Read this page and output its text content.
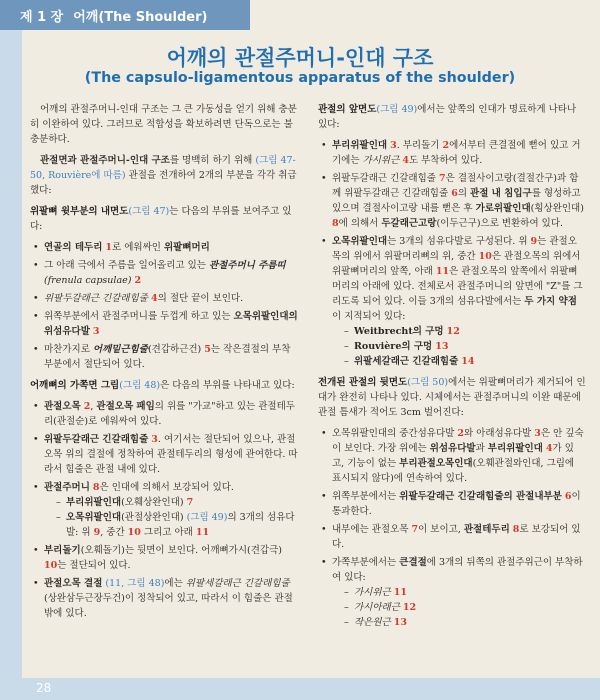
제 1 장 어깨(The Shoulder)
어깨의 관절주머니-인대 구조
(The capsulo-ligamentous apparatus of the shoulder)

어깨의 관절주머니-인대 구조는 그 큰 가동성을 얻기 위해 충분히 이완하여 있다. 그러므로 적합성을 확보하려면 단독으로는 불충분하다.

관절면과 관절주머니-인대 구조를 명백히 하기 위해 (그림 47-50, Rouvière에 따름) 관절을 전개하여 2개의 부분을 각각 취급했다:

위팔뼈 윗부분의 내면도(그림 47)는 다음의 부위를 보여주고 있다:

• 연골의 테두리 1로 에워싸인 위팔뼈머리
• 그 아래 극에서 주름을 일어올리고 있는 관절주머니 주름띠 (frenula capsulae) 2
• 위팔두갈래근 긴갈래힘줄 4의 절단 끝이 보인다.
• 위쪽부분에서 관절주머니를 두껍게 하고 있는 오목위팔인대의 위섬유다발 3
• 마찬가지로 어깨밑근힘줄(견갑하근건) 5는 작은결절의 부착부분에서 절단되어 있다.

어깨뼈의 가쪽면 그림(그림 48)은 다음의 부위를 나타내고 있다:

• 관절오목 2, 관절오목 패임의 위를 "가교"하고 있는 관절테두리(관절순)로 에워싸여 있다.
• 위팔두갈래근 긴갈래힘줄 3. 여기서는 절단되어 있으나, 관절오목 위의 결절에 정착하여 관절테두리의 형성에 관여한다. 따라서 힘줄은 관절 내에 있다.
• 관절주머니 8은 인대에 의해서 보강되어 있다.
– 부리위팔인대(오훼상완인대) 7
– 오목위팔인대(관절상완인대) (그림 49)의 3개의 섬유다발: 위 9, 중간 10 그리고 아래 11
• 부리돌기(오훼돌기)는 뒷면이 보인다. 어깨뼈가시(견갑극) 10는 절단되어 있다.
• 관절오목 결절 (11, 그림 48)에는 위팔세갈래근 긴갈래힘줄(상완삼두근장두건)이 정착되어 있고, 따라서 이 힘줄은 관절 밖에 있다.

관절의 앞면도(그림 49)에서는 앞쪽의 인대가 명료하게 나타나 있다:

• 부리위팔인대 3. 부리돌기 2에서부터 큰결절에 뻗어 있고 거기에는 가시위근 4도 부착하여 있다.
• 위팔두갈래근 긴갈래힘줄 7은 결절사이고랑(결절간구)과 함께 위팔두갈래근 긴갈래힘줄 6의 관절 내 침입구를 형성하고 있으며 결절사이고랑 내를 뻗은 후 가로위팔인대(횡상완인대) 8에 의해서 두갈래근고랑(이두근구)으로 변환하여 있다.
• 오목위팔인대는 3개의 섬유다발로 구성된다. 위 9는 관절오목의 위에서 위팔머리뼈의 위, 중간 10은 관절오목의 위에서 위팔뼈머리의 앞쪽, 아래 11은 관절오목의 앞쪽에서 위팔뼈머리의 아래에 있다. 전체로서 관절주머니의 앞면에 "Z"를 그리도록 되어 있다. 이들 3개의 섬유다발에서는 두 가지 약점이 지적되어 있다:
– Weitbrecht의 구멍 12
– Rouvière의 구멍 13
– 위팔세갈래근 긴갈래힘줄 14

전개된 관절의 뒷면도(그림 50)에서는 위팔뼈머리가 제거되어 인대가 완전히 나타나 있다. 시체에서는 관절주머니의 이완 때문에 관절 틈새가 적어도 3cm 벌어진다:

• 오목위팔인대의 중간섬유다발 2와 아래섬유다발 3은 안 깊숙이 보인다. 가장 위에는 위섬유다발과 부리위팔인대 4가 있고, 기능이 없는 부리관절오목인대(오훼관절와인대, 그림에 표시되지 않다)에 연속하여 있다.
• 위쪽부분에서는 위팔두갈래근 긴갈래힘줄의 관절내부분 6이 통과한다.
• 내부에는 관절오목 7이 보이고, 관절테두리 8로 보강되어 있다.
• 가쪽부분에서는 큰결절에 3개의 뒤쪽의 관절주위근이 부착하여 있다:
– 가시위근 11
– 가시아래근 12
– 작은원근 13
28
